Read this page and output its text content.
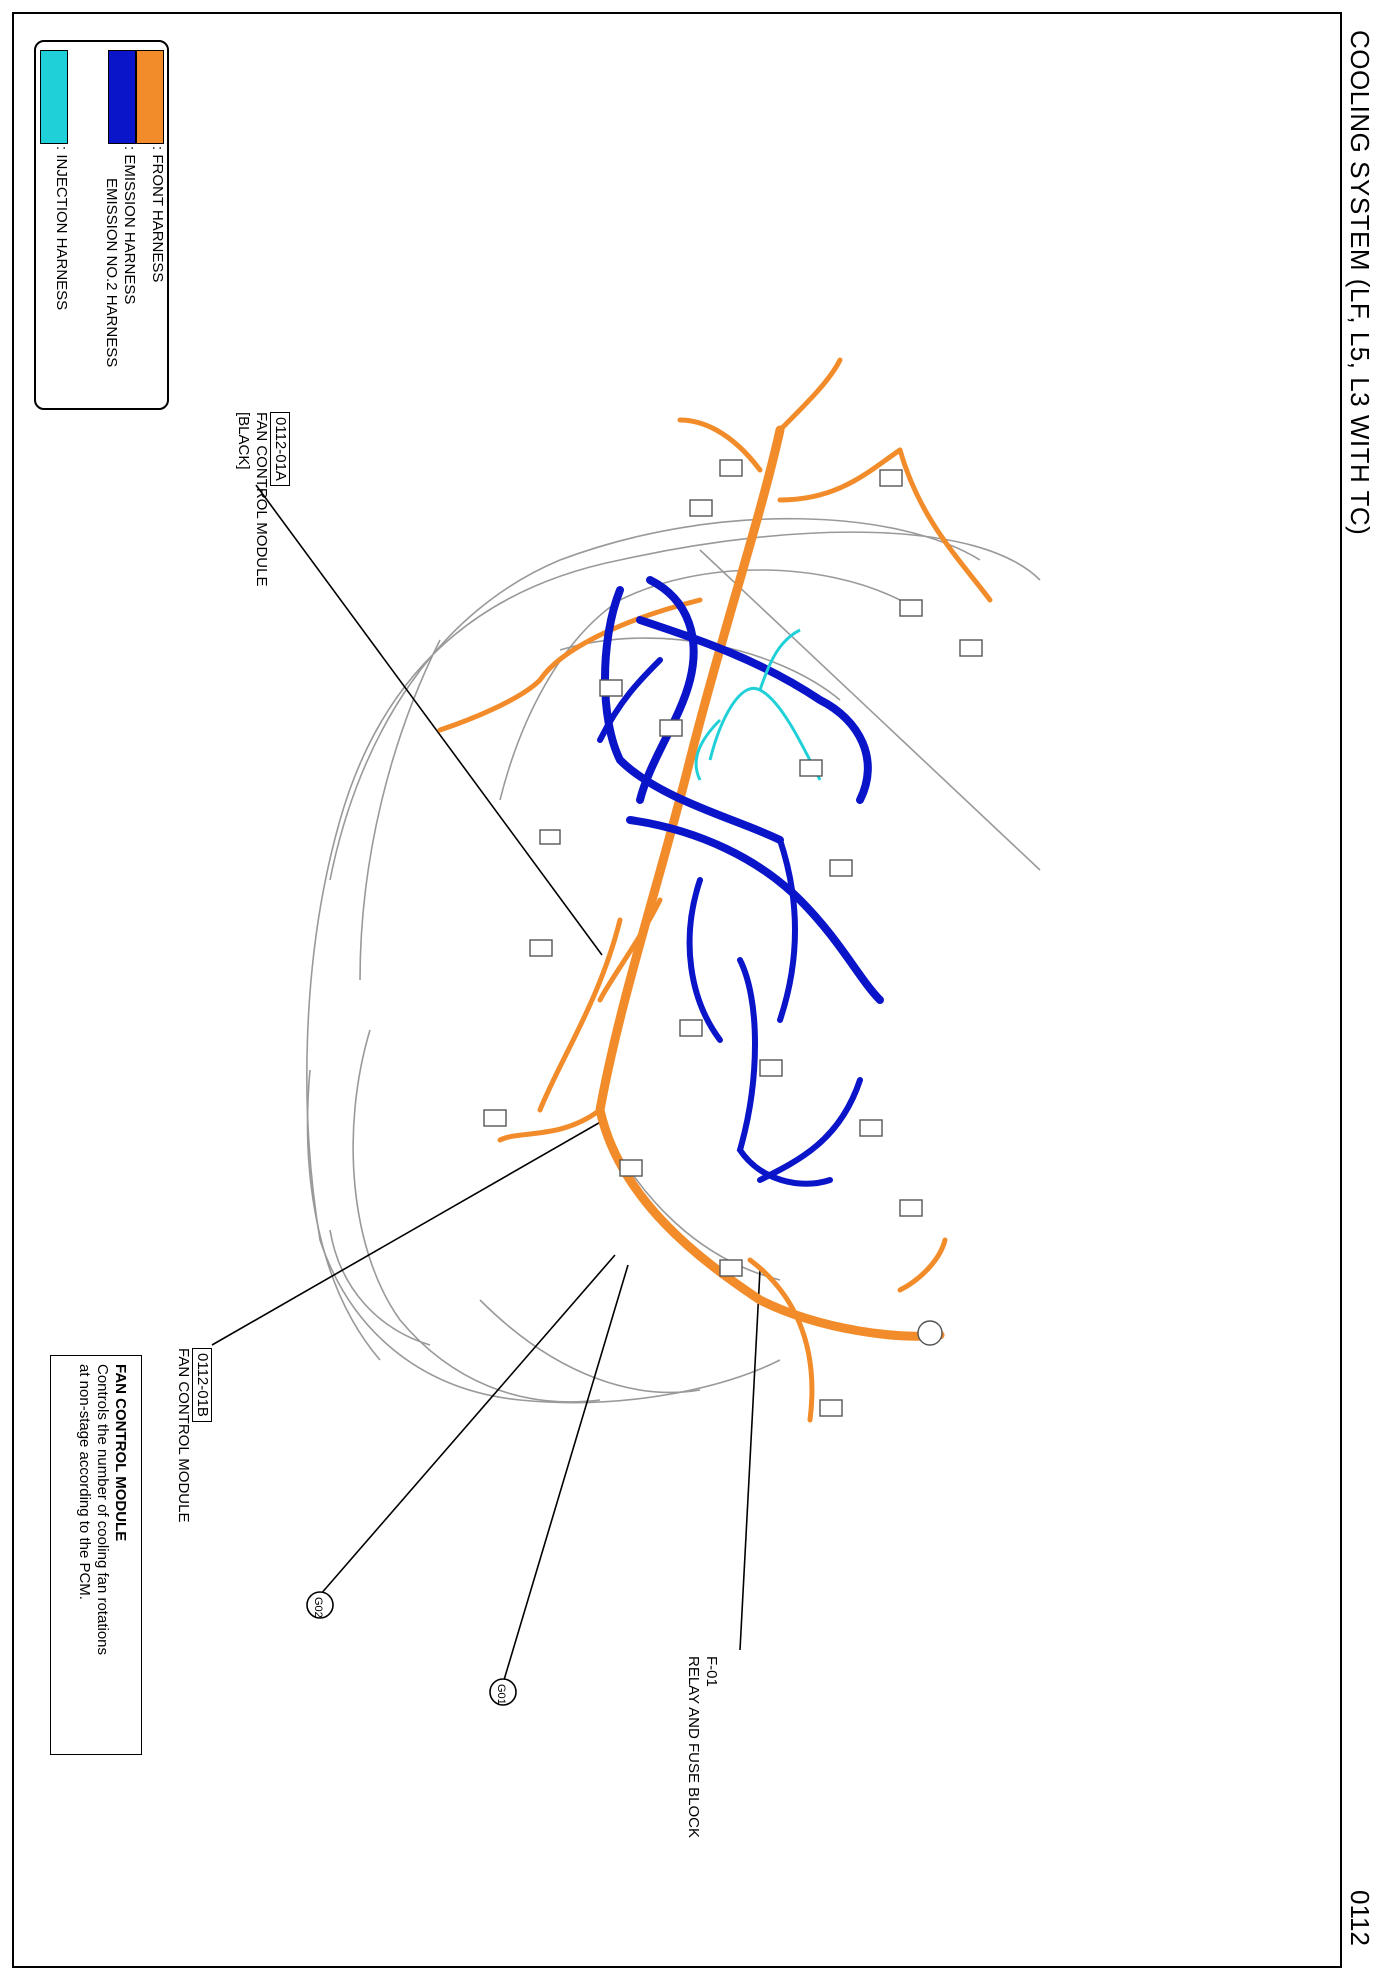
COOLING SYSTEM (LF, L5, L3 WITH TC)
0112
: FRONT HARNESS
: EMISSION HARNESS
EMISSION NO.2 HARNESS
: INJECTION HARNESS
0112-01A
FAN CONTROL MODULE
[BLACK]
0112-01B
FAN CONTROL MODULE
F-01
RELAY AND FUSE BLOCK
FAN CONTROL MODULE
Controls the number of cooling fan rotations
at non-stage according to the PCM.
G02
G01
